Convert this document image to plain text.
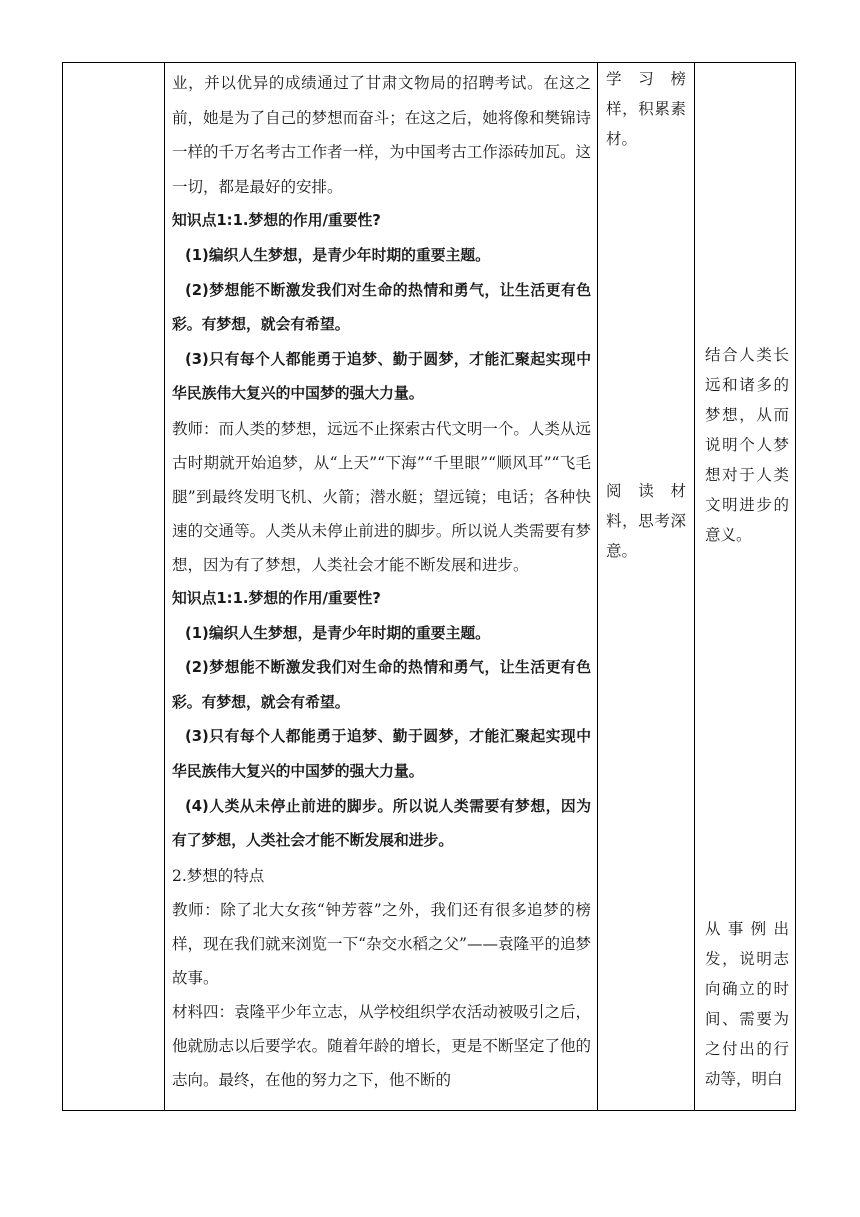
业，并以优异的成绩通过了甘肃文物局的招聘考试。在这之前，她是为了自己的梦想而奋斗；在这之后，她将像和樊锦诗一样的千万名考古工作者一样，为中国考古工作添砖加瓦。这一切，都是最好的安排。
知识点1:1.梦想的作用/重要性?
(1)编织人生梦想，是青少年时期的重要主题。
(2)梦想能不断激发我们对生命的热情和勇气，让生活更有色彩。有梦想，就会有希望。
(3)只有每个人都能勇于追梦、勤于圆梦，才能汇聚起实现中华民族伟大复兴的中国梦的强大力量。
教师：而人类的梦想，远远不止探索古代文明一个。人类从远古时期就开始追梦，从“上天”“下海”“千里眼”“顺风耳”“飞毛腿”到最终发明飞机、火箭；潜水艇；望远镜；电话；各种快速的交通等。人类从未停止前进的脚步。所以说人类需要有梦想，因为有了梦想，人类社会才能不断发展和进步。
知识点1:1.梦想的作用/重要性?
(1)编织人生梦想，是青少年时期的重要主题。
(2)梦想能不断激发我们对生命的热情和勇气，让生活更有色彩。有梦想，就会有希望。
(3)只有每个人都能勇于追梦、勤于圆梦，才能汇聚起实现中华民族伟大复兴的中国梦的强大力量。
(4)人类从未停止前进的脚步。所以说人类需要有梦想，因为有了梦想，人类社会才能不断发展和进步。
2.梦想的特点
教师：除了北大女孩“钟芳蓉”之外，我们还有很多追梦的榜样，现在我们就来浏览一下“杂交水稻之父”——袁隆平的追梦故事。
材料四：袁隆平少年立志，从学校组织学农活动被吸引之后，他就励志以后要学农。随着年龄的增长，更是不断坚定了他的志向。最终，在他的努力之下，他不断的
学 习 榜样，积累素材。
阅 读 材料，思考深意。
结合人类长远和诸多的梦想，从而说明个人梦想对于人类文明进步的意义。
从 事 例 出发，说明志向确立的时间、需要为之付出的行动等，明白
